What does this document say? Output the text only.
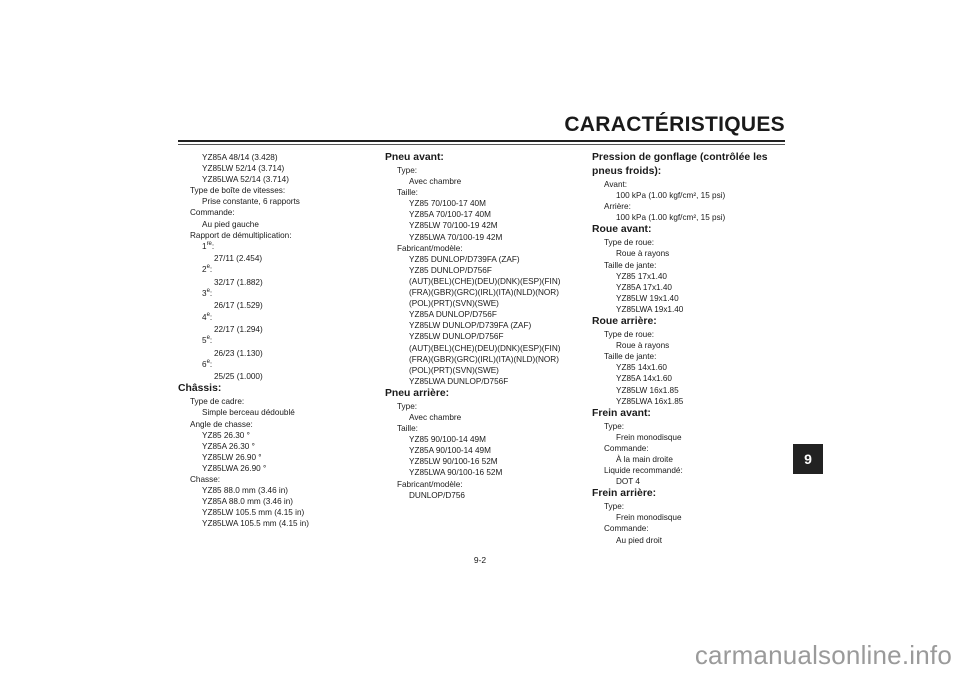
CARACTÉRISTIQUES
9
YZ85A 48/14 (3.428)
YZ85LW 52/14 (3.714)
YZ85LWA 52/14 (3.714)
Type de boîte de vitesses:
Prise constante, 6 rapports
Commande:
Au pied gauche
Rapport de démultiplication:
1re:
27/11 (2.454)
2e:
32/17 (1.882)
3e:
26/17 (1.529)
4e:
22/17 (1.294)
5e:
26/23 (1.130)
6e:
25/25 (1.000)
Châssis:
Type de cadre:
Simple berceau dédoublé
Angle de chasse:
YZ85 26.30 °
YZ85A 26.30 °
YZ85LW 26.90 °
YZ85LWA 26.90 °
Chasse:
YZ85 88.0 mm (3.46 in)
YZ85A 88.0 mm (3.46 in)
YZ85LW 105.5 mm (4.15 in)
YZ85LWA 105.5 mm (4.15 in)
Pneu avant:
Type:
Avec chambre
Taille:
YZ85 70/100-17 40M
YZ85A 70/100-17 40M
YZ85LW 70/100-19 42M
YZ85LWA 70/100-19 42M
Fabricant/modèle:
YZ85 DUNLOP/D739FA (ZAF)
YZ85 DUNLOP/D756F
(AUT)(BEL)(CHE)(DEU)(DNK)(ESP)(FIN)
(FRA)(GBR)(GRC)(IRL)(ITA)(NLD)(NOR)
(POL)(PRT)(SVN)(SWE)
YZ85A DUNLOP/D756F
YZ85LW DUNLOP/D739FA (ZAF)
YZ85LW DUNLOP/D756F
(AUT)(BEL)(CHE)(DEU)(DNK)(ESP)(FIN)
(FRA)(GBR)(GRC)(IRL)(ITA)(NLD)(NOR)
(POL)(PRT)(SVN)(SWE)
YZ85LWA DUNLOP/D756F
Pneu arrière:
Type:
Avec chambre
Taille:
YZ85 90/100-14 49M
YZ85A 90/100-14 49M
YZ85LW 90/100-16 52M
YZ85LWA 90/100-16 52M
Fabricant/modèle:
DUNLOP/D756
Pression de gonflage (contrôlée les
pneus froids):
Avant:
100 kPa (1.00 kgf/cm², 15 psi)
Arrière:
100 kPa (1.00 kgf/cm², 15 psi)
Roue avant:
Type de roue:
Roue à rayons
Taille de jante:
YZ85 17x1.40
YZ85A 17x1.40
YZ85LW 19x1.40
YZ85LWA 19x1.40
Roue arrière:
Type de roue:
Roue à rayons
Taille de jante:
YZ85 14x1.60
YZ85A 14x1.60
YZ85LW 16x1.85
YZ85LWA 16x1.85
Frein avant:
Type:
Frein monodisque
Commande:
À la main droite
Liquide recommandé:
DOT 4
Frein arrière:
Type:
Frein monodisque
Commande:
Au pied droit
9-2
carmanualsonline.info
